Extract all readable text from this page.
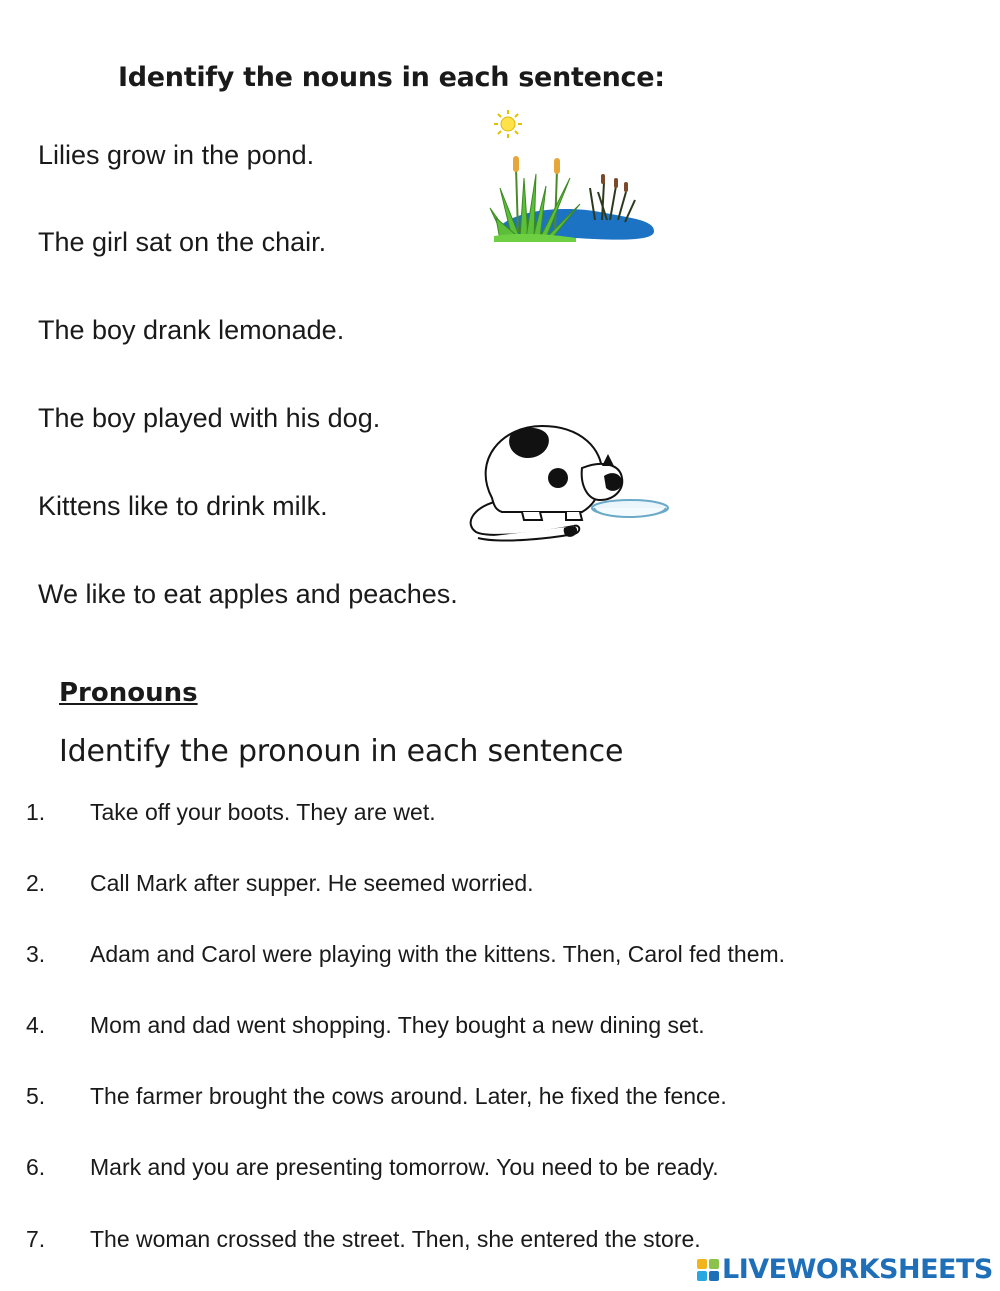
Identify the nouns in each sentence:
Lilies grow in the pond.
The girl sat on the chair.
The boy drank lemonade.
The boy played with his dog.
Kittens like to drink milk.
We like to eat apples and peaches.
Pronouns
Identify the pronoun in each sentence
1.	Take off your boots. They are wet.
2.	Call Mark after supper. He seemed worried.
3.	Adam and Carol were playing with the kittens. Then, Carol fed them.
4.	Mom and dad went shopping. They bought a new dining set.
5.	The farmer brought the cows around. Later, he fixed the fence.
6.	Mark and you are presenting tomorrow. You need to be ready.
7.	The woman crossed the street. Then, she entered the store.
LIVEWORKSHEETS
